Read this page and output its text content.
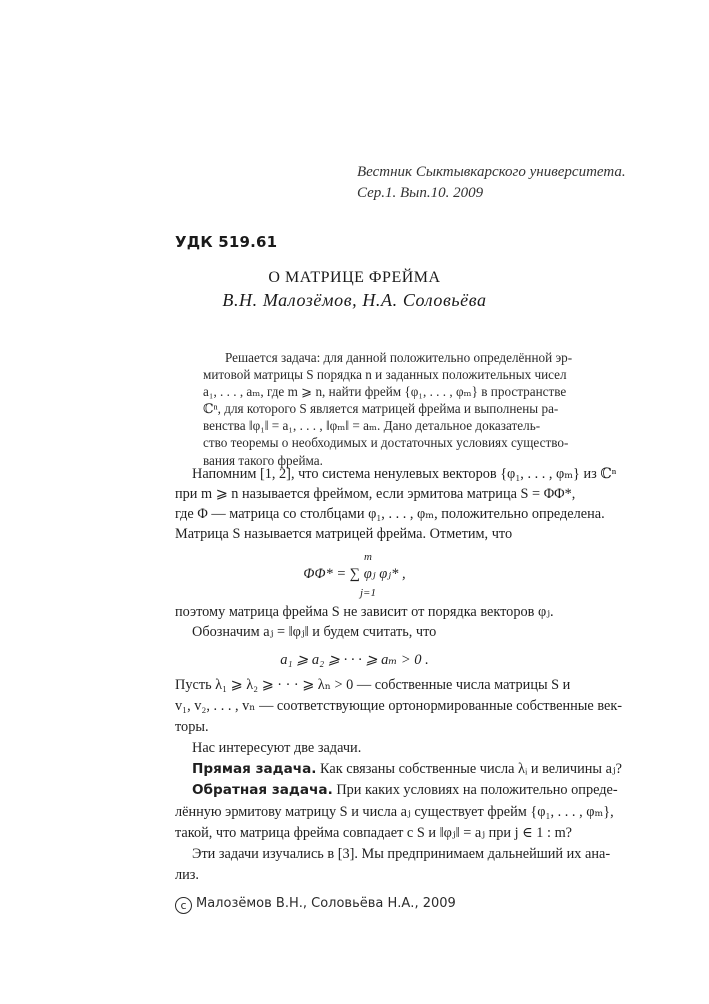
Вестник Сыктывкарского университета.
Сер.1. Вып.10. 2009
УДК 519.61
О МАТРИЦЕ ФРЕЙМА
В.Н. Малозёмов, Н.А. Соловьёва
Решается задача: для данной положительно определённой эр-
митовой матрицы S порядка n и заданных положительных чисел
a₁, . . . , aₘ, где m ⩾ n, найти фрейм {φ₁, . . . , φₘ} в пространстве
ℂⁿ, для которого S является матрицей фрейма и выполнены ра-
венства ‖φ₁‖ = a₁, . . . , ‖φₘ‖ = aₘ. Дано детальное доказатель-
ство теоремы о необходимых и достаточных условиях существо-
вания такого фрейма.
Напомним [1, 2], что система ненулевых векторов {φ₁, . . . , φₘ} из ℂⁿ
при m ⩾ n называется фреймом, если эрмитова матрица S = ΦΦ*,
где Φ — матрица со столбцами φ₁, . . . , φₘ, положительно определена.
Матрица S называется матрицей фрейма. Отметим, что
m
ΦΦ* = ∑ φⱼ φⱼ* ,
j=1
поэтому матрица фрейма S не зависит от порядка векторов φⱼ.
Обозначим aⱼ = ‖φⱼ‖ и будем считать, что
a₁ ⩾ a₂ ⩾ · · · ⩾ aₘ > 0 .
Пусть λ₁ ⩾ λ₂ ⩾ · · · ⩾ λₙ > 0 — собственные числа матрицы S и
v₁, v₂, . . . , vₙ — соответствующие ортонормированные собственные век-
торы.
Нас интересуют две задачи.
Прямая задача. Как связаны собственные числа λᵢ и величины aⱼ?
Обратная задача. При каких условиях на положительно опреде-
лённую эрмитову матрицу S и числа aⱼ существует фрейм {φ₁, . . . , φₘ},
такой, что матрица фрейма совпадает с S и ‖φⱼ‖ = aⱼ при j ∈ 1 : m?
Эти задачи изучались в [3]. Мы предпринимаем дальнейший их ана-
лиз.
c Малозёмов В.Н., Соловьёва Н.А., 2009
